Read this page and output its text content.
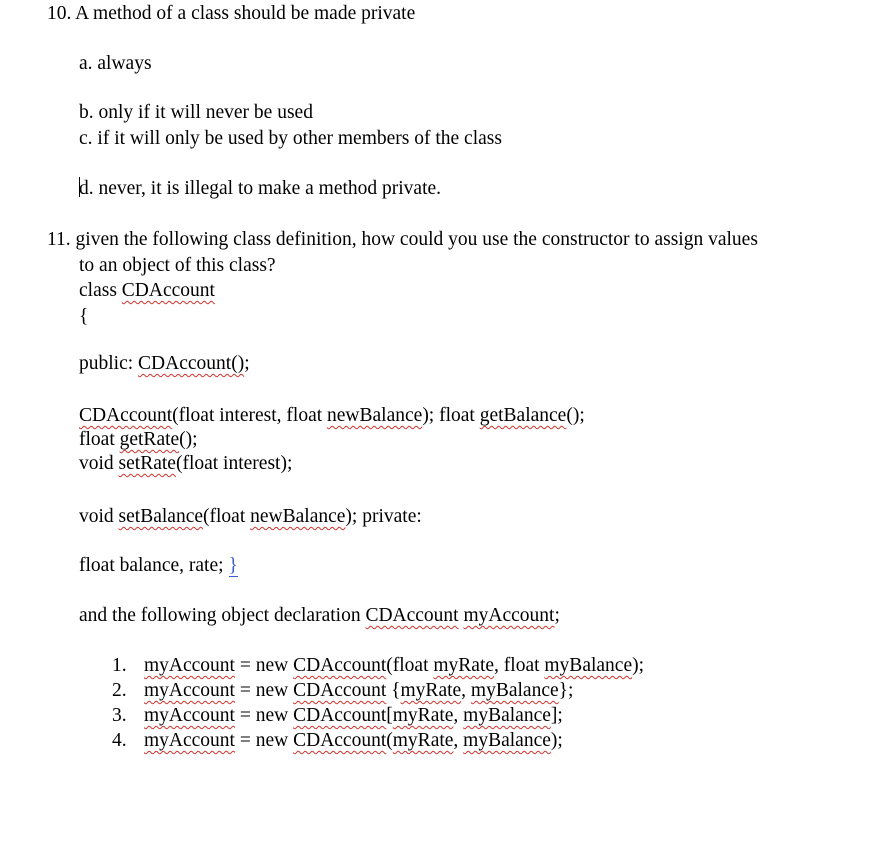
10. A method of a class should be made private
a. always
b. only if it will never be used
c. if it will only be used by other members of the class
d. never, it is illegal to make a method private.
11. given the following class definition, how could you use the constructor to assign values
to an object of this class?
class CDAccount
{
public: CDAccount();
CDAccount(float interest, float newBalance); float getBalance();
float getRate();
void setRate(float interest);
void setBalance(float newBalance); private:
float balance, rate; }
and the following object declaration CDAccount myAccount;
1. myAccount = new CDAccount(float myRate, float myBalance);
2. myAccount = new CDAccount {myRate, myBalance};
3. myAccount = new CDAccount[myRate, myBalance];
4. myAccount = new CDAccount(myRate, myBalance);
